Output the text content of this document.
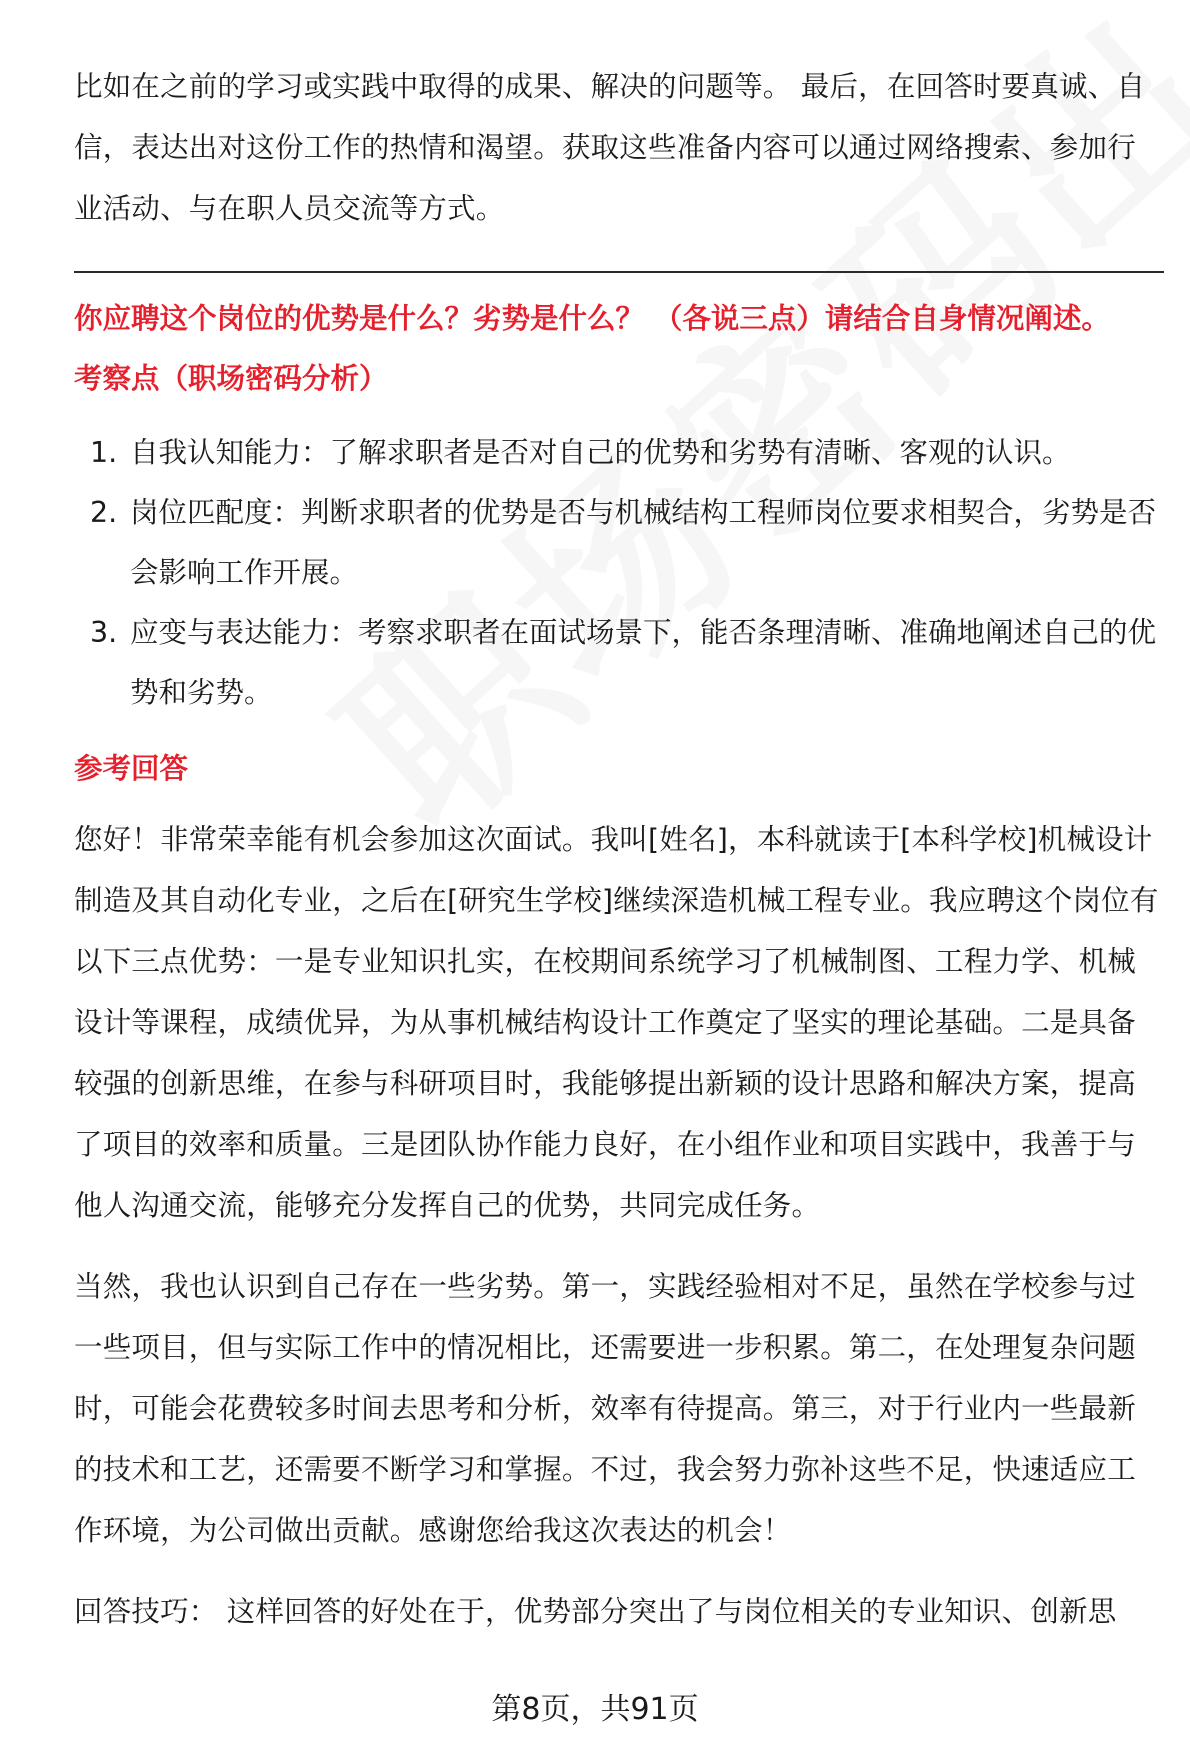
比如在之前的学习或实践中取得的成果、解决的问题等。 最后，在回答时要真诚、自信，表达出对这份工作的热情和渴望。获取这些准备内容可以通过网络搜索、参加行业活动、与在职人员交流等方式。

你应聘这个岗位的优势是什么？劣势是什么？ （各说三点）请结合自身情况阐述。

考察点（职场密码分析）

1. 自我认知能力：了解求职者是否对自己的优势和劣势有清晰、客观的认识。
2. 岗位匹配度：判断求职者的优势是否与机械结构工程师岗位要求相契合，劣势是否会影响工作开展。
3. 应变与表达能力：考察求职者在面试场景下，能否条理清晰、准确地阐述自己的优势和劣势。

参考回答

您好！非常荣幸能有机会参加这次面试。我叫[姓名]，本科就读于[本科学校]机械设计制造及其自动化专业，之后在[研究生学校]继续深造机械工程专业。我应聘这个岗位有以下三点优势：一是专业知识扎实，在校期间系统学习了机械制图、工程力学、机械设计等课程，成绩优异，为从事机械结构设计工作奠定了坚实的理论基础。二是具备较强的创新思维，在参与科研项目时，我能够提出新颖的设计思路和解决方案，提高了项目的效率和质量。三是团队协作能力良好，在小组作业和项目实践中，我善于与他人沟通交流，能够充分发挥自己的优势，共同完成任务。

当然，我也认识到自己存在一些劣势。第一，实践经验相对不足，虽然在学校参与过一些项目，但与实际工作中的情况相比，还需要进一步积累。第二，在处理复杂问题时，可能会花费较多时间去思考和分析，效率有待提高。第三，对于行业内一些最新的技术和工艺，还需要不断学习和掌握。不过，我会努力弥补这些不足，快速适应工作环境，为公司做出贡献。感谢您给我这次表达的机会！

回答技巧： 这样回答的好处在于，优势部分突出了与岗位相关的专业知识、创新思

第8页，共91页
